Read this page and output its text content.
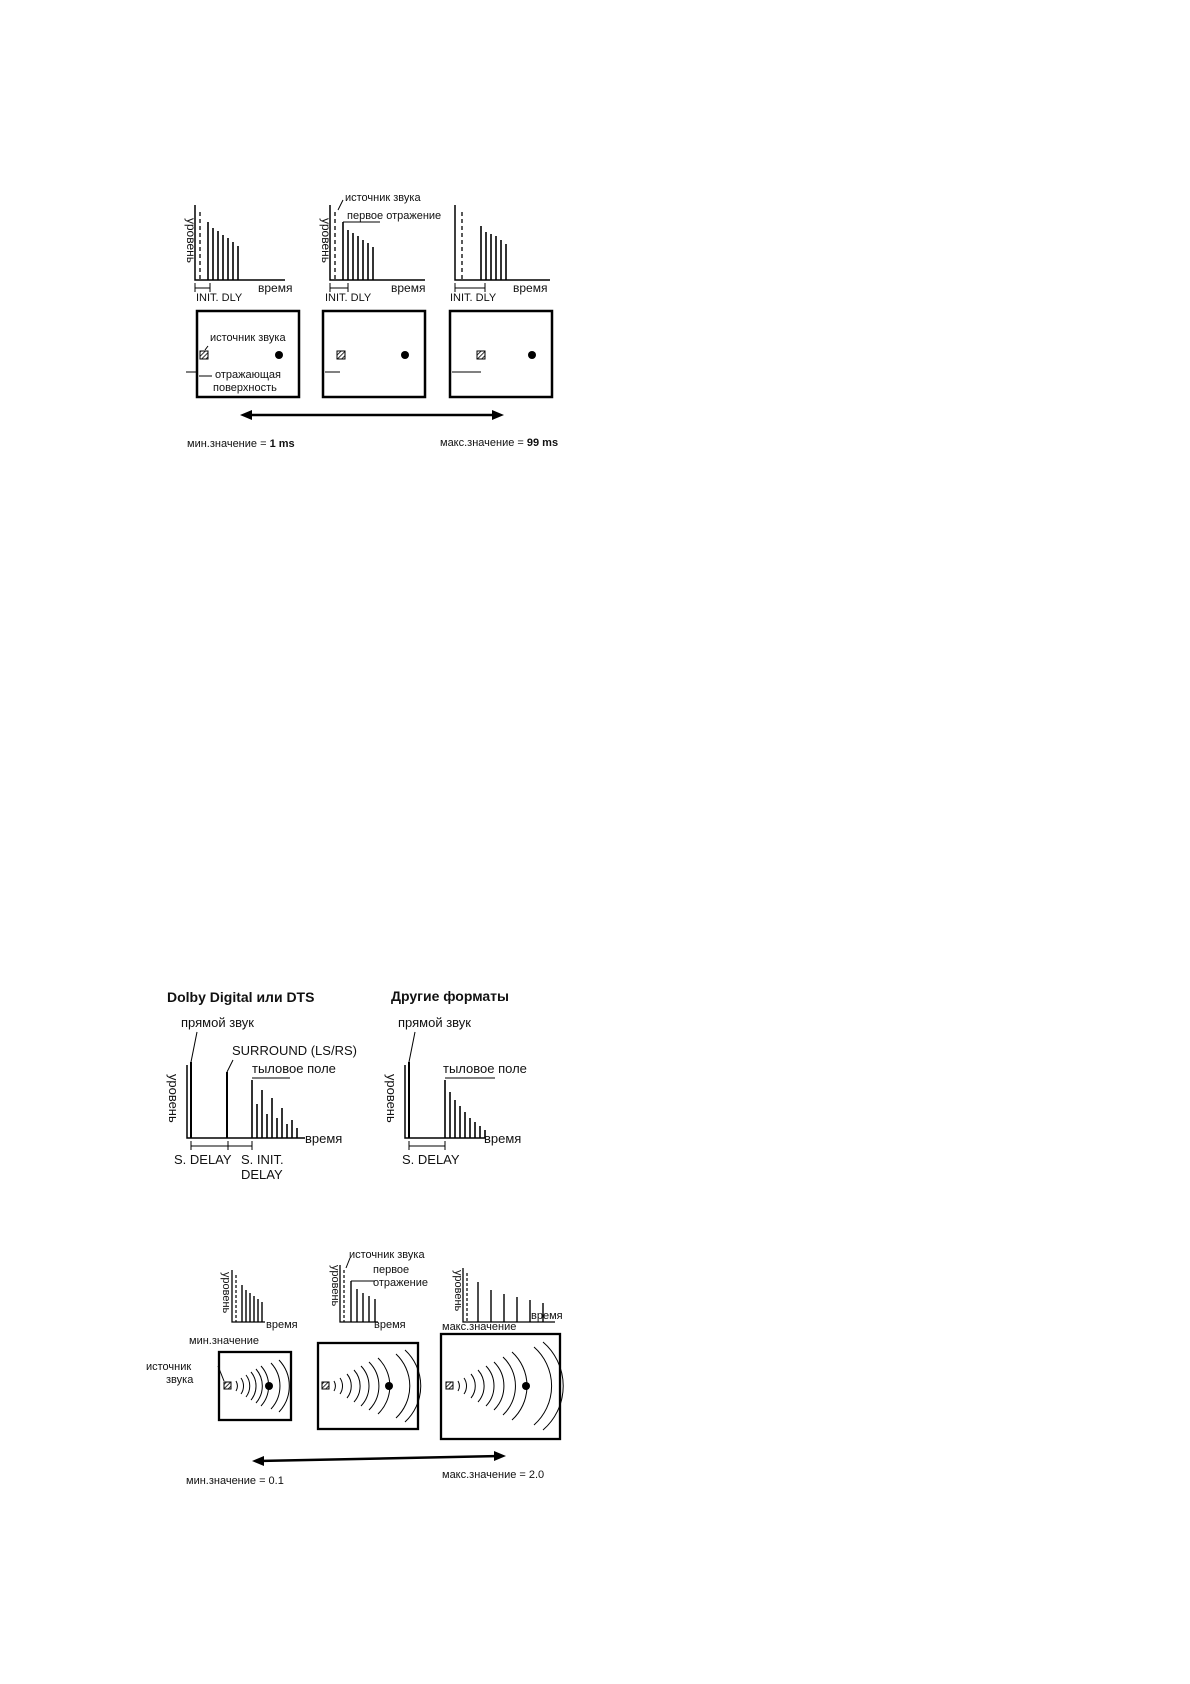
уровень	уровень
время	время	время
INIT. DLY	INIT. DLY	INIT. DLY
источник звука
первое отражение
источник звука
отражающая
поверхность
мин.значение = 1 ms	макс.значение = 99 ms
Dolby Digital или DTS	Другие форматы
прямой звук	прямой звук
SURROUND (LS/RS)
тыловое поле	тыловое поле
уровень	уровень
время	время
S. DELAY	S. DELAY
S. INIT.
DELAY
уровень	уровень	уровень
время	время
время
источник звука
первое
отражение
мин.значение
макс.значение
источник
звука
мин.значение = 0.1	макс.значение = 2.0
